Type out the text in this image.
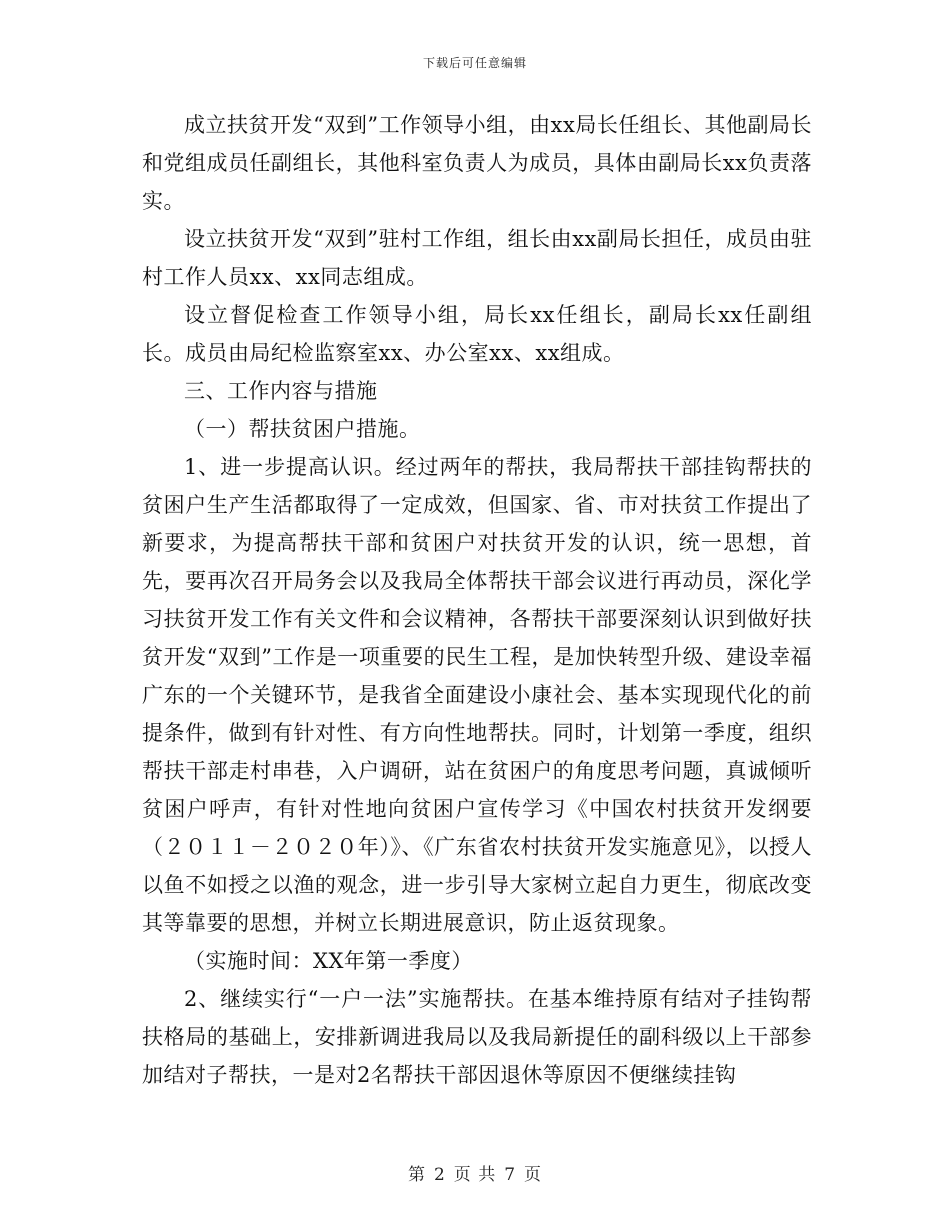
下载后可任意编辑

成立扶贫开发“双到”工作领导小组，由xx局长任组长、其他副局长和党组成员任副组长，其他科室负责人为成员，具体由副局长xx负责落实。

设立扶贫开发“双到”驻村工作组，组长由xx副局长担任，成员由驻村工作人员xx、xx同志组成。

设立督促检查工作领导小组，局长xx任组长，副局长xx任副组长。成员由局纪检监察室xx、办公室xx、xx组成。

三、工作内容与措施

（一）帮扶贫困户措施。

1、进一步提高认识。经过两年的帮扶，我局帮扶干部挂钩帮扶的贫困户生产生活都取得了一定成效，但国家、省、市对扶贫工作提出了新要求，为提高帮扶干部和贫困户对扶贫开发的认识，统一思想，首先，要再次召开局务会以及我局全体帮扶干部会议进行再动员，深化学习扶贫开发工作有关文件和会议精神，各帮扶干部要深刻认识到做好扶贫开发“双到”工作是一项重要的民生工程，是加快转型升级、建设幸福广东的一个关键环节，是我省全面建设小康社会、基本实现现代化的前提条件，做到有针对性、有方向性地帮扶。同时，计划第一季度，组织帮扶干部走村串巷，入户调研，站在贫困户的角度思考问题，真诚倾听贫困户呼声，有针对性地向贫困户宣传学习《中国农村扶贫开发纲要（２０１１－２０２０年）》、《广东省农村扶贫开发实施意见》，以授人以鱼不如授之以渔的观念，进一步引导大家树立起自力更生，彻底改变其等靠要的思想，并树立长期进展意识，防止返贫现象。

（实施时间：XX年第一季度）

2、继续实行“一户一法”实施帮扶。在基本维持原有结对子挂钩帮扶格局的基础上，安排新调进我局以及我局新提任的副科级以上干部参加结对子帮扶，一是对2名帮扶干部因退休等原因不便继续挂钩

第 2 页 共 7 页
